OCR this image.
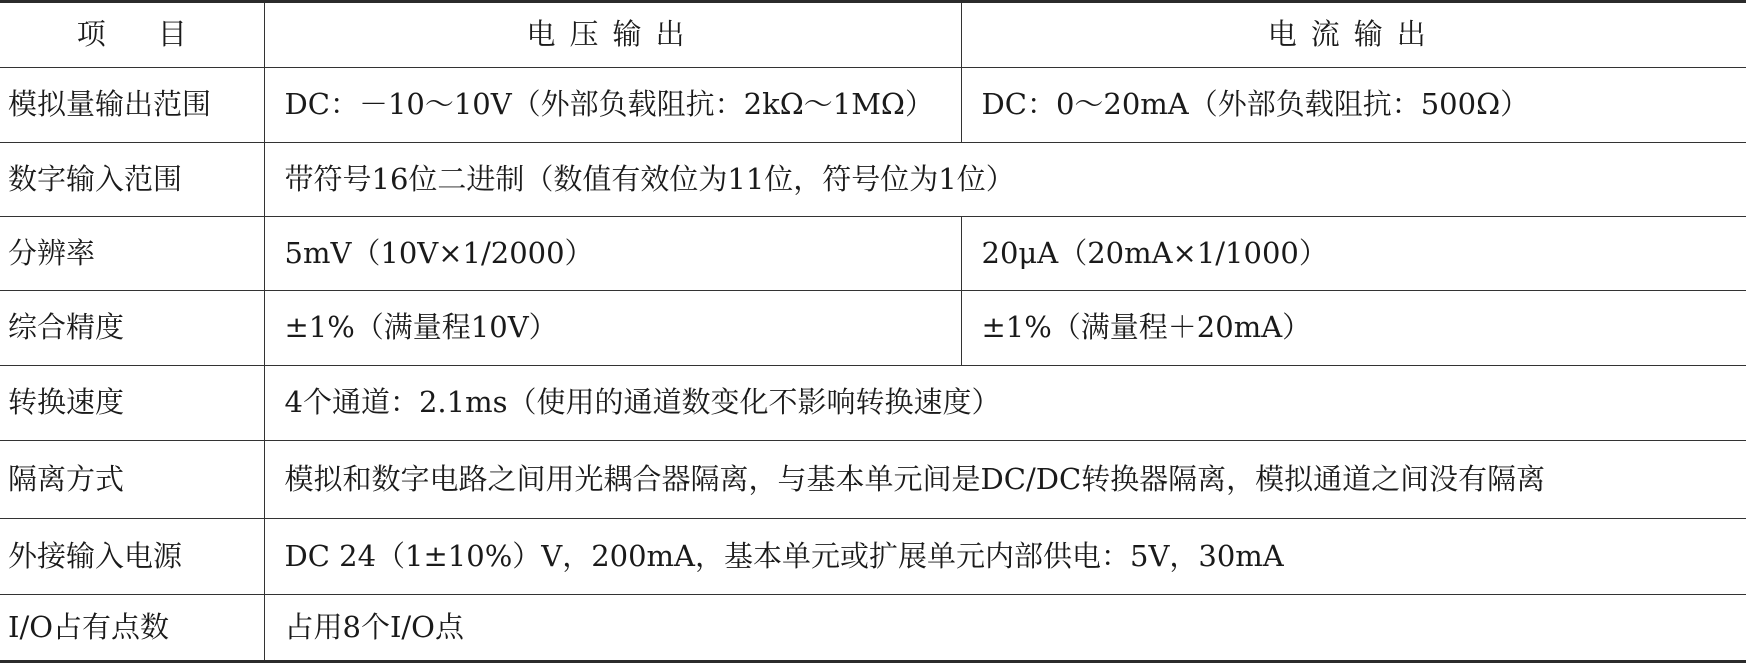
项目	电压输出	电流输出
模拟量输出范围	DC：－10～10V（外部负载阻抗：2kΩ～1MΩ）	DC：0～20mA（外部负载阻抗：500Ω）
数字输入范围	带符号16位二进制（数值有效位为11位，符号位为1位）	
分辨率	5mV（10V×1/2000）	20μA（20mA×1/1000）
综合精度	±1%（满量程10V）	±1%（满量程＋20mA）
转换速度	4个通道：2.1ms（使用的通道数变化不影响转换速度）	
隔离方式	模拟和数字电路之间用光耦合器隔离，与基本单元间是DC/DC转换器隔离，模拟通道之间没有隔离	
外接输入电源	DC 24（1±10%）V，200mA，基本单元或扩展单元内部供电：5V，30mA	
I/O占有点数	占用8个I/O点	
